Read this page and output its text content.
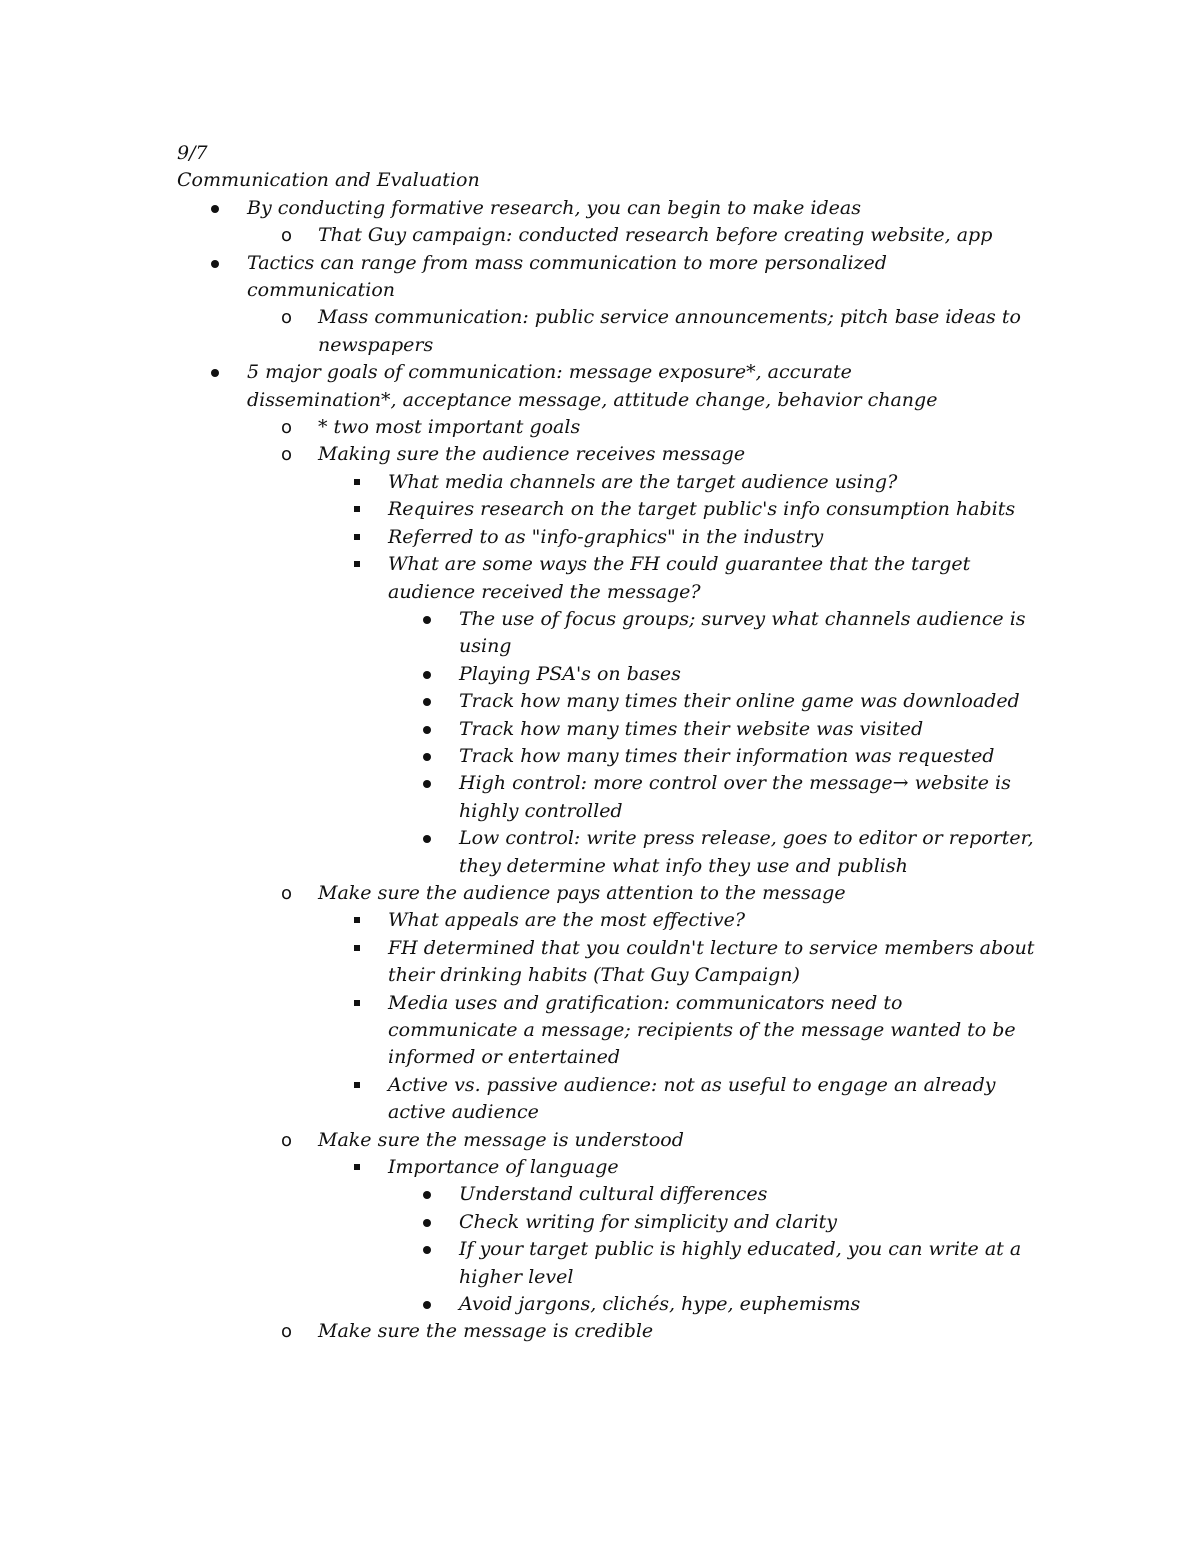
9/7
Communication and Evaluation
By conducting formative research, you can begin to make ideas
o That Guy campaign: conducted research before creating website, app
Tactics can range from mass communication to more personalized communication
o Mass communication: public service announcements; pitch base ideas to newspapers
5 major goals of communication: message exposure*, accurate dissemination*, acceptance message, attitude change, behavior change
o * two most important goals
o Making sure the audience receives message
What media channels are the target audience using?
Requires research on the target public's info consumption habits
Referred to as "info-graphics" in the industry
What are some ways the FH could guarantee that the target audience received the message?
The use of focus groups; survey what channels audience is using
Playing PSA's on bases
Track how many times their online game was downloaded
Track how many times their website was visited
Track how many times their information was requested
High control: more control over the message→ website is highly controlled
Low control: write press release, goes to editor or reporter, they determine what info they use and publish
o Make sure the audience pays attention to the message
What appeals are the most effective?
FH determined that you couldn't lecture to service members about their drinking habits (That Guy Campaign)
Media uses and gratification: communicators need to communicate a message; recipients of the message wanted to be informed or entertained
Active vs. passive audience: not as useful to engage an already active audience
o Make sure the message is understood
Importance of language
Understand cultural differences
Check writing for simplicity and clarity
If your target public is highly educated, you can write at a higher level
Avoid jargons, clichés, hype, euphemisms
o Make sure the message is credible
